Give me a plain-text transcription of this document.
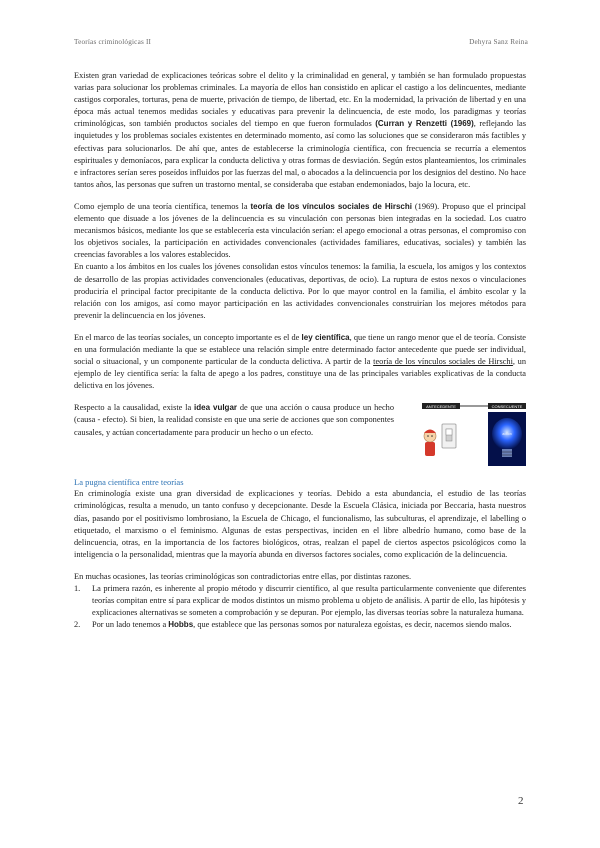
Teorías criminológicas II	Dehyra Sanz Reina

Existen gran variedad de explicaciones teóricas sobre el delito y la criminalidad en general, y también se han formulado propuestas varias para solucionar los problemas criminales. La mayoría de ellos han consistido en aplicar el castigo a los delincuentes, mediante castigos corporales, torturas, pena de muerte, privación de tiempo, de libertad, etc. En la modernidad, la privación de libertad y en una época más actual tenemos medidas sociales y educativas para prevenir la delincuencia, de este modo, los paradigmas y teorías criminológicas, son también productos sociales del tiempo en que fueron formulados (Curran y Renzetti (1969), reflejando las inquietudes y los problemas sociales existentes en determinado momento, así como las soluciones que se consideraron más factibles y efectivas para solucionarlos. De ahí que, antes de establecerse la criminología científica, con frecuencia se recurría a elementos espirituales y demoníacos, para explicar la conducta delictiva y otras formas de desviación. Según estos planteamientos, los criminales e infractores serían seres poseídos influidos por las fuerzas del mal, o abocados a la delincuencia por los designios del destino. No hace tantos años, las personas que sufren un trastorno mental, se consideraba que estaban endemoniados, bajo la locura, etc.

Como ejemplo de una teoría científica, tenemos la teoría de los vínculos sociales de Hirschi (1969). Propuso que el principal elemento que disuade a los jóvenes de la delincuencia es su vinculación con personas bien integradas en la sociedad. Los cuatro mecanismos básicos, mediante los que se establecería esta vinculación serían: el apego emocional a otras personas, el compromiso con los objetivos sociales, la participación en actividades convencionales (actividades familiares, educativas, sociales) y también las creencias favorables a los valores establecidos.

En cuanto a los ámbitos en los cuales los jóvenes consolidan estos vínculos tenemos: la familia, la escuela, los amigos y los contextos de desarrollo de las propias actividades convencionales (educativas, deportivas, de ocio). La ruptura de estos nexos o vinculaciones produciría el principal factor precipitante de la conducta delictiva. Por lo que mayor control en la familia, el ámbito escolar y la relación con los amigos, así como mayor participación en las actividades convencionales construirían los mejores métodos para prevenir la delincuencia en los jóvenes.

En el marco de las teorías sociales, un concepto importante es el de ley científica, que tiene un rango menor que el de teoría. Consiste en una formulación mediante la que se establece una relación simple entre determinado factor antecedente que puede ser individual, social o situacional, y un componente particular de la conducta delictiva. A partir de la teoría de los vínculos sociales de Hirschi, un ejemplo de ley científica sería: la falta de apego a los padres, constituye una de las principales variables explicativas de la conducta delictiva en los jóvenes.

Respecto a la causalidad, existe la idea vulgar de que una acción o causa produce un hecho (causa - efecto). Si bien, la realidad consiste en que una serie de acciones que son componentes causales, y actúan concertadamente para producir un hecho o un efecto.

ANTECEDENTE	CONSECUENTE
action
La pugna científica entre teorías

En criminología existe una gran diversidad de explicaciones y teorías. Debido a esta abundancia, el estudio de las teorías criminológicas, resulta a menudo, un tanto confuso y decepcionante. Desde la Escuela Clásica, iniciada por Beccaria, hasta nuestros días, pasando por el positivismo lombrosiano, la Escuela de Chicago, el funcionalismo, las subculturas, el aprendizaje, el labelling o etiquetado, el marxismo o el feminismo. Algunas de estas perspectivas, inciden en el libre albedrío humano, como base de la delincuencia, otras, en la importancia de los factores biológicos, otras, realzan el papel de ciertos aspectos psicológicos como la inteligencia o la personalidad, mientras que la mayoría abunda en diversos factores sociales, como explicación de la delincuencia.

En muchas ocasiones, las teorías criminológicas son contradictorias entre ellas, por distintas razones.

1.	La primera razón, es inherente al propio método y discurrir científico, al que resulta particularmente conveniente que diferentes teorías compitan entre sí para explicar de modos distintos un mismo problema u objeto de análisis. A partir de ello, las hipótesis y explicaciones alternativas se someten a comprobación y se depuran. Por ejemplo, las diversas teorías sobre la naturaleza humana.
2.	Por un lado tenemos a Hobbs, que establece que las personas somos por naturaleza egoístas, es decir, nacemos siendo malos.
2
